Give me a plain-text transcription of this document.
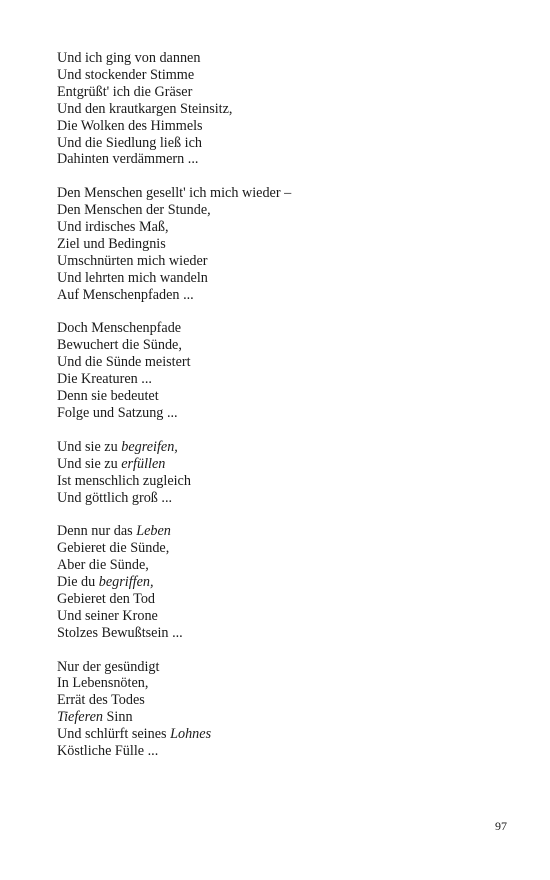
Und ich ging von dannen
Und stockender Stimme
Entgrüßt' ich die Gräser
Und den krautkargen Steinsitz,
Die Wolken des Himmels
Und die Siedlung ließ ich
Dahinten verdämmern ...
Den Menschen gesellt' ich mich wieder –
Den Menschen der Stunde,
Und irdisches Maß,
Ziel und Bedingnis
Umschnürten mich wieder
Und lehrten mich wandeln
Auf Menschenpfaden ...
Doch Menschenpfade
Bewuchert die Sünde,
Und die Sünde meistert
Die Kreaturen ...
Denn sie bedeutet
Folge und Satzung ...
Und sie zu begreifen,
Und sie zu erfüllen
Ist menschlich zugleich
Und göttlich groß ...
Denn nur das Leben
Gebieret die Sünde,
Aber die Sünde,
Die du begriffen,
Gebieret den Tod
Und seiner Krone
Stolzes Bewußtsein ...
Nur der gesündigt
In Lebensnöten,
Errät des Todes
Tieferen Sinn
Und schlürft seines Lohnes
Köstliche Fülle ...
97
